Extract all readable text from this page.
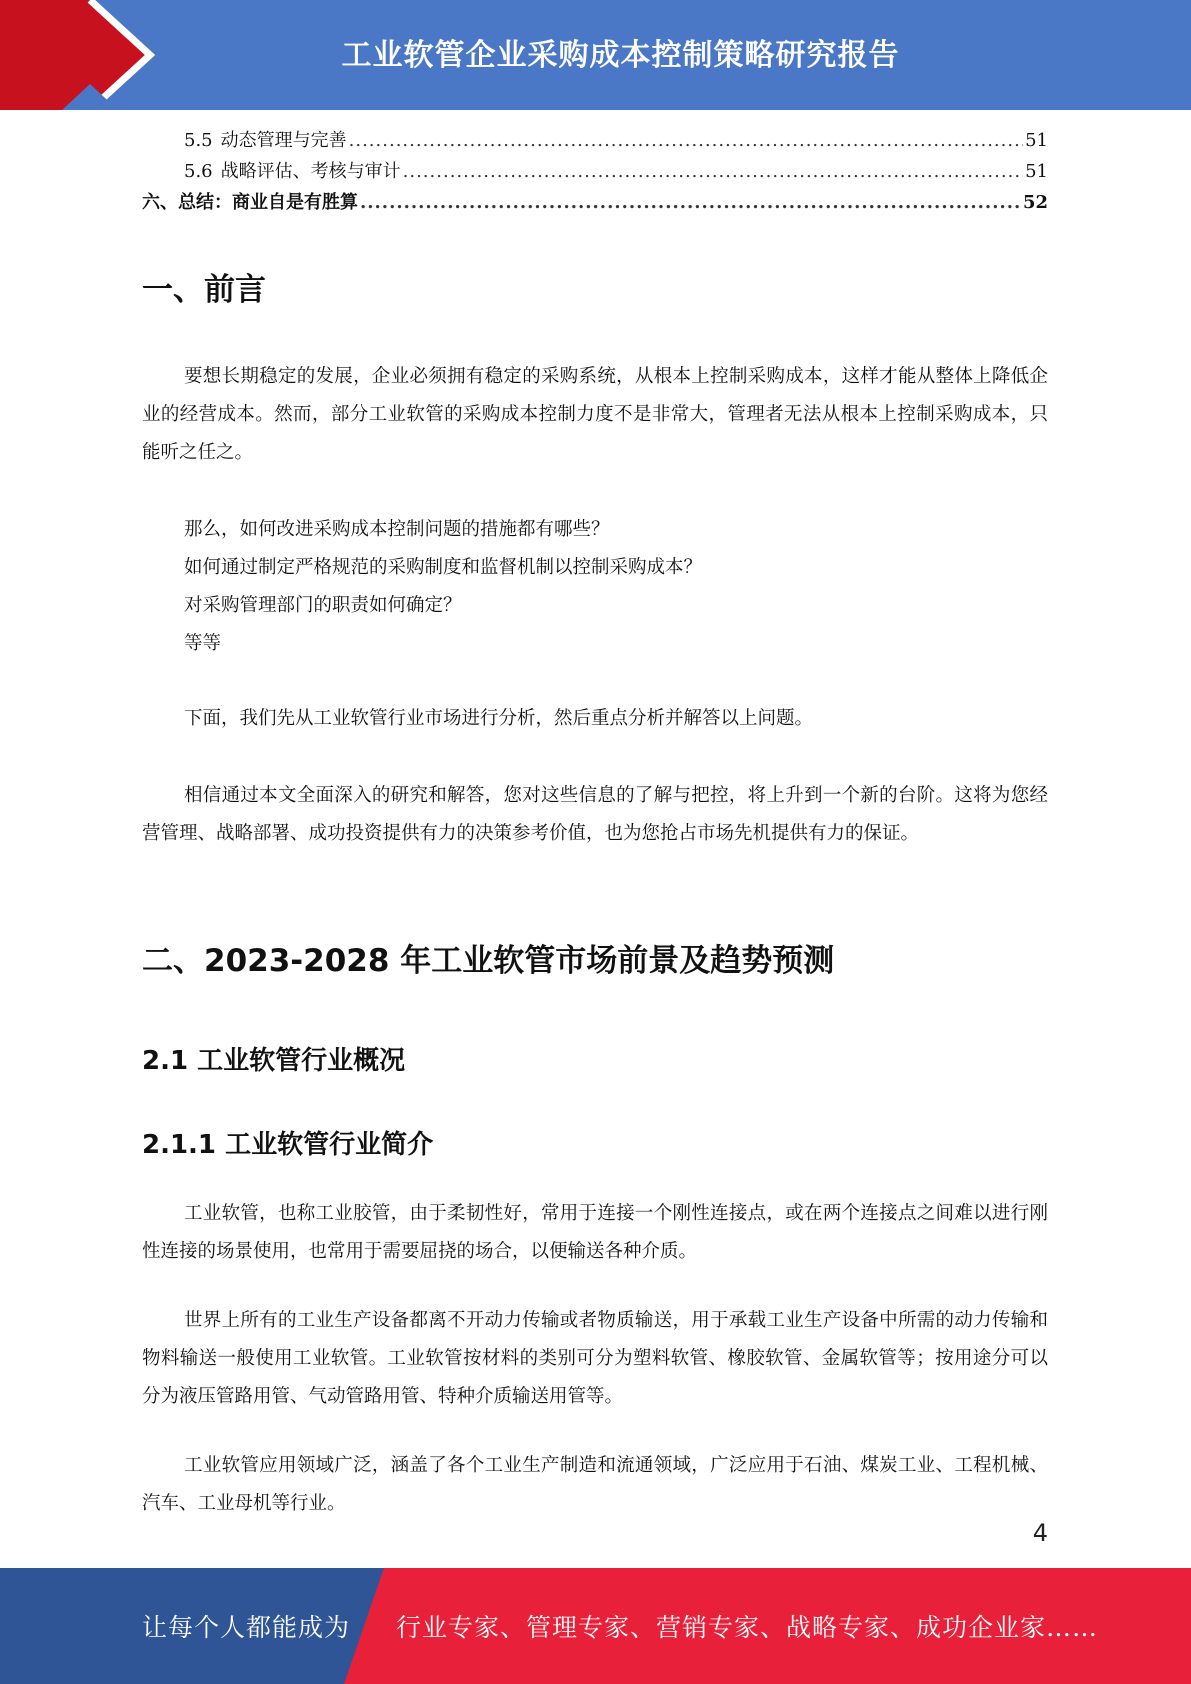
工业软管企业采购成本控制策略研究报告
5.5 动态管理与完善 .....	51
5.6 战略评估、考核与审计 .....	51
六、总结：商业自是有胜算 .....	52
一、前言

要想长期稳定的发展，企业必须拥有稳定的采购系统，从根本上控制采购成本，这样才能从整体上降低企业的经营成本。然而，部分工业软管的采购成本控制力度不是非常大，管理者无法从根本上控制采购成本，只能听之任之。

那么，如何改进采购成本控制问题的措施都有哪些？
如何通过制定严格规范的采购制度和监督机制以控制采购成本？
对采购管理部门的职责如何确定？
等等

下面，我们先从工业软管行业市场进行分析，然后重点分析并解答以上问题。

相信通过本文全面深入的研究和解答，您对这些信息的了解与把控，将上升到一个新的台阶。这将为您经营管理、战略部署、成功投资提供有力的决策参考价值，也为您抢占市场先机提供有力的保证。

二、2023-2028 年工业软管市场前景及趋势预测
2.1 工业软管行业概况
2.1.1 工业软管行业简介

工业软管，也称工业胶管，由于柔韧性好，常用于连接一个刚性连接点，或在两个连接点之间难以进行刚性连接的场景使用，也常用于需要屈挠的场合，以便输送各种介质。

世界上所有的工业生产设备都离不开动力传输或者物质输送，用于承载工业生产设备中所需的动力传输和物料输送一般使用工业软管。工业软管按材料的类别可分为塑料软管、橡胶软管、金属软管等；按用途分可以分为液压管路用管、气动管路用管、特种介质输送用管等。

工业软管应用领域广泛，涵盖了各个工业生产制造和流通领域，广泛应用于石油、煤炭工业、工程机械、汽车、工业母机等行业。

4
让每个人都能成为 行业专家、管理专家、营销专家、战略专家、成功企业家……
